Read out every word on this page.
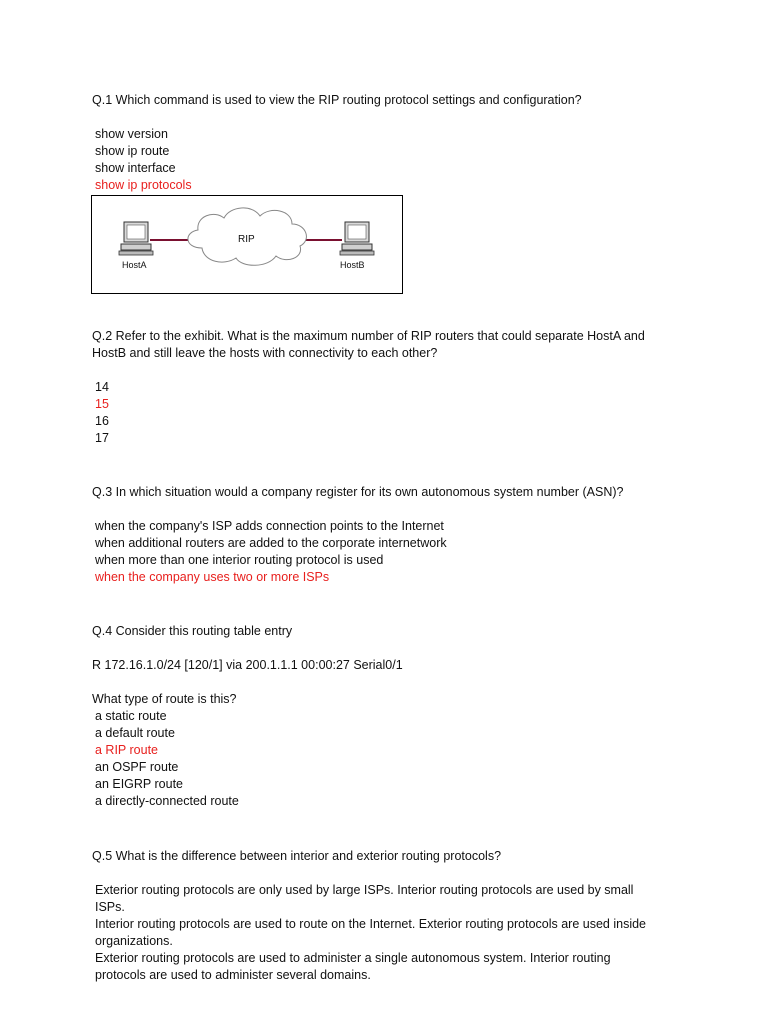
Q.1 Which command is used to view the RIP routing protocol settings and configuration?
show version
show ip route
show interface
show ip protocols
RIP
HostA	HostB
Q.2 Refer to the exhibit. What is the maximum number of RIP routers that could separate HostA and HostB and still leave the hosts with connectivity to each other?
14
15
16
17
Q.3 In which situation would a company register for its own autonomous system number (ASN)?
when the company's ISP adds connection points to the Internet
when additional routers are added to the corporate internetwork
when more than one interior routing protocol is used
when the company uses two or more ISPs
Q.4 Consider this routing table entry
R 172.16.1.0/24 [120/1] via 200.1.1.1 00:00:27 Serial0/1
What type of route is this?
a static route
a default route
a RIP route
an OSPF route
an EIGRP route
a directly-connected route
Q.5 What is the difference between interior and exterior routing protocols?
Exterior routing protocols are only used by large ISPs. Interior routing protocols are used by small ISPs.
Interior routing protocols are used to route on the Internet. Exterior routing protocols are used inside organizations.
Exterior routing protocols are used to administer a single autonomous system. Interior routing protocols are used to administer several domains.
